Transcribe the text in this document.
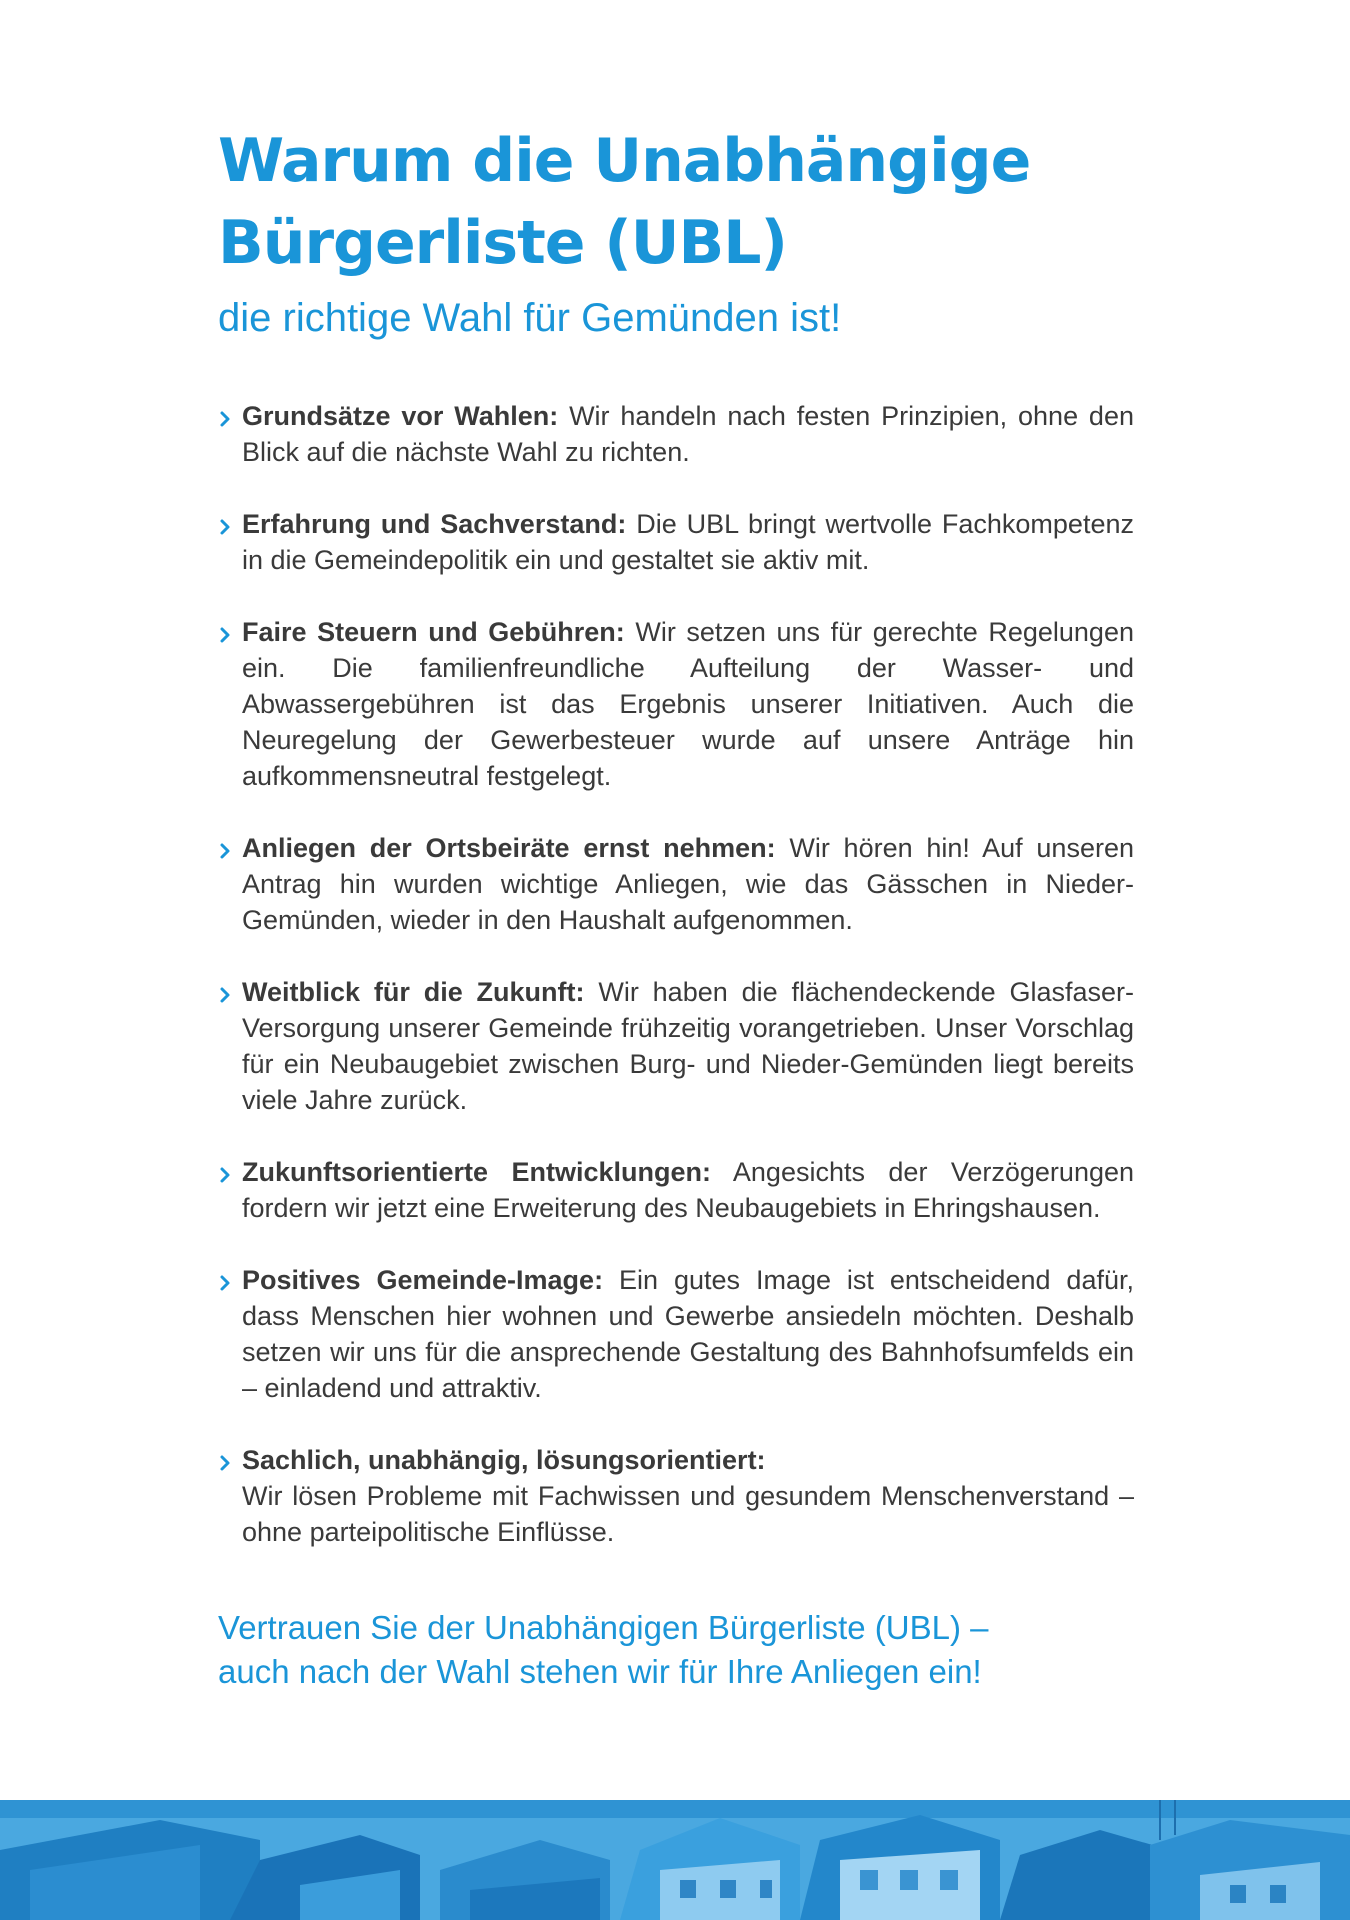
Warum die Unabhängige
Bürgerliste (UBL)
die richtige Wahl für Gemünden ist!
Grundsätze vor Wahlen: Wir handeln nach festen Prinzipien, ohne den Blick auf die nächste Wahl zu richten.
Erfahrung und Sachverstand: Die UBL bringt wertvolle Fachkompetenz in die Gemeindepolitik ein und gestaltet sie aktiv mit.
Faire Steuern und Gebühren: Wir setzen uns für gerechte Regelungen ein. Die familienfreundliche Aufteilung der Wasser- und Abwassergebühren ist das Ergebnis unserer Initiativen. Auch die Neuregelung der Gewerbesteuer wurde auf unsere Anträge hin aufkommensneutral festgelegt.
Anliegen der Ortsbeiräte ernst nehmen: Wir hören hin! Auf unseren Antrag hin wurden wichtige Anliegen, wie das Gässchen in Nieder-Gemünden, wieder in den Haushalt aufgenommen.
Weitblick für die Zukunft: Wir haben die flächendeckende Glasfaser-Versorgung unserer Gemeinde frühzeitig vorangetrieben. Unser Vorschlag für ein Neubaugebiet zwischen Burg- und Nieder-Gemünden liegt bereits viele Jahre zurück.
Zukunftsorientierte Entwicklungen: Angesichts der Verzögerungen fordern wir jetzt eine Erweiterung des Neubaugebiets in Ehringshausen.
Positives Gemeinde-Image: Ein gutes Image ist entscheidend dafür, dass Menschen hier wohnen und Gewerbe ansiedeln möchten. Deshalb setzen wir uns für die ansprechende Gestaltung des Bahnhofsumfelds ein – einladend und attraktiv.
Sachlich, unabhängig, lösungsorientiert:
Wir lösen Probleme mit Fachwissen und gesundem Menschenverstand – ohne parteipolitische Einflüsse.
Vertrauen Sie der Unabhängigen Bürgerliste (UBL) –
auch nach der Wahl stehen wir für Ihre Anliegen ein!
